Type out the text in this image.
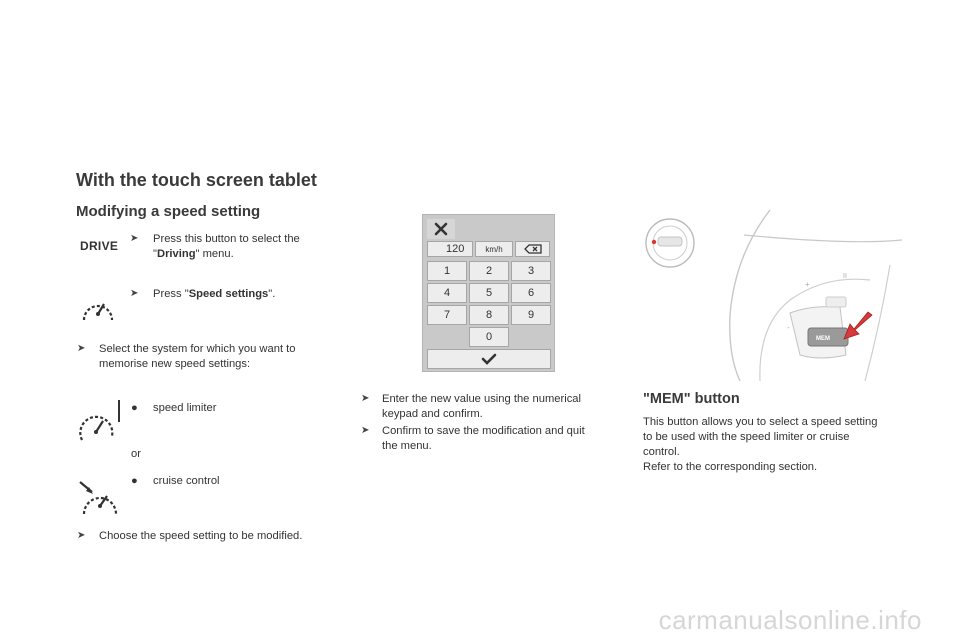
With the touch screen tablet
Modifying a speed setting
DRIVE
➤ Press this button to select the "Driving" menu.
➤ Press "Speed settings".
➤ Select the system for which you want to
memorise new speed settings:
● speed limiter
or
● cruise control
➤ Choose the speed setting to be modified.
120	km/h
1	2	3
4	5	6
7	8	9
0
➤ Enter the new value using the numerical
keypad and confirm.
➤ Confirm to save the modification and quit
the menu.
+
II
-
MEM
"MEM" button
This button allows you to select a speed setting
to be used with the speed limiter or cruise
control.
Refer to the corresponding section.
carmanualsonline.info
